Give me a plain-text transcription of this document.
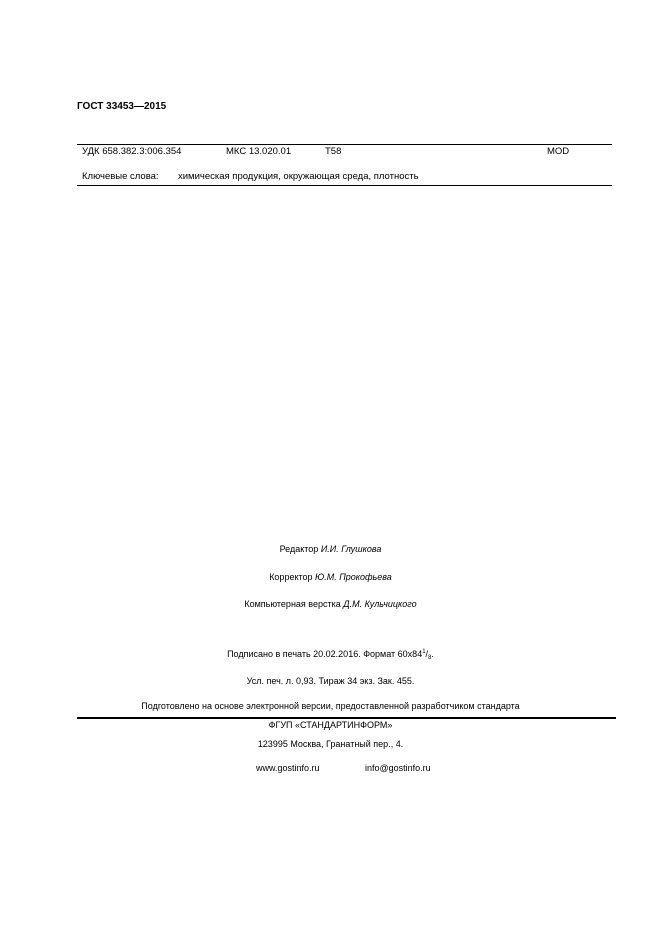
ГОСТ 33453—2015
УДК 658.382.3:006.354	МКС 13.020.01	Т58	MOD
Ключевые слова: химическая продукция, окружающая среда, плотность
Редактор И.И. Глушкова
Корректор Ю.М. Прокофьева
Компьютерная верстка Д.М. Кульчицкого
Подписано в печать 20.02.2016. Формат $60x84^1/_8$.
Усл. печ. л. 0,93. Тираж 34 экз. Зак. 455.
Подготовлено на основе электронной версии, предоставленной разработчиком стандарта
ФГУП «СТАНДАРТИНФОРМ»
123995 Москва, Гранатный пер., 4.
www.gostinfo.ru	info@gostinfo.ru
